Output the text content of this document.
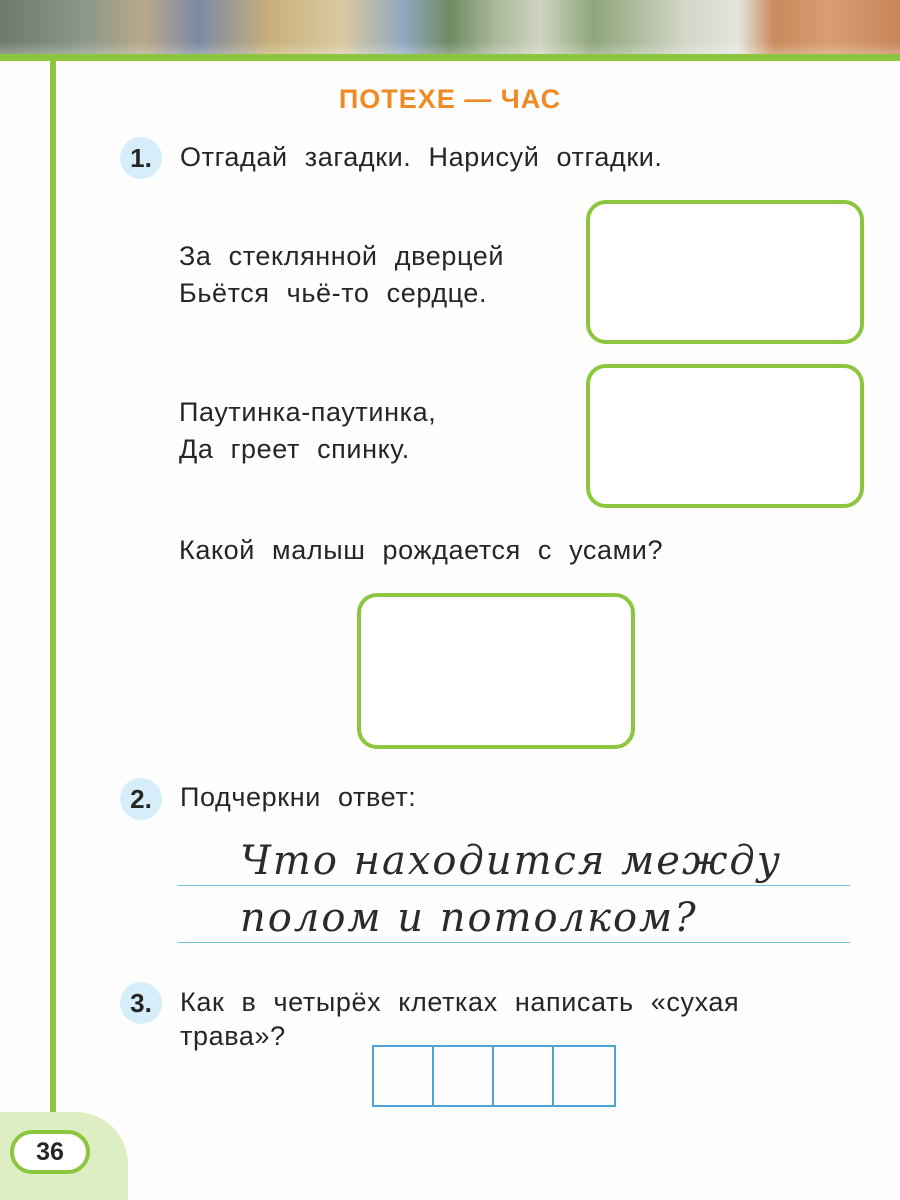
36
ПОТЕХЕ — ЧАС
1.	Отгадай загадки. Нарисуй отгадки.
За стеклянной дверцей
Бьётся чьё-то сердце.
Паутинка-паутинка,
Да греет спинку.
Какой малыш рождается с усами?
2.	Подчеркни ответ:
Что находится между
полом и потолком?
3.	Как в четырёх клетках написать «сухая
трава»?
